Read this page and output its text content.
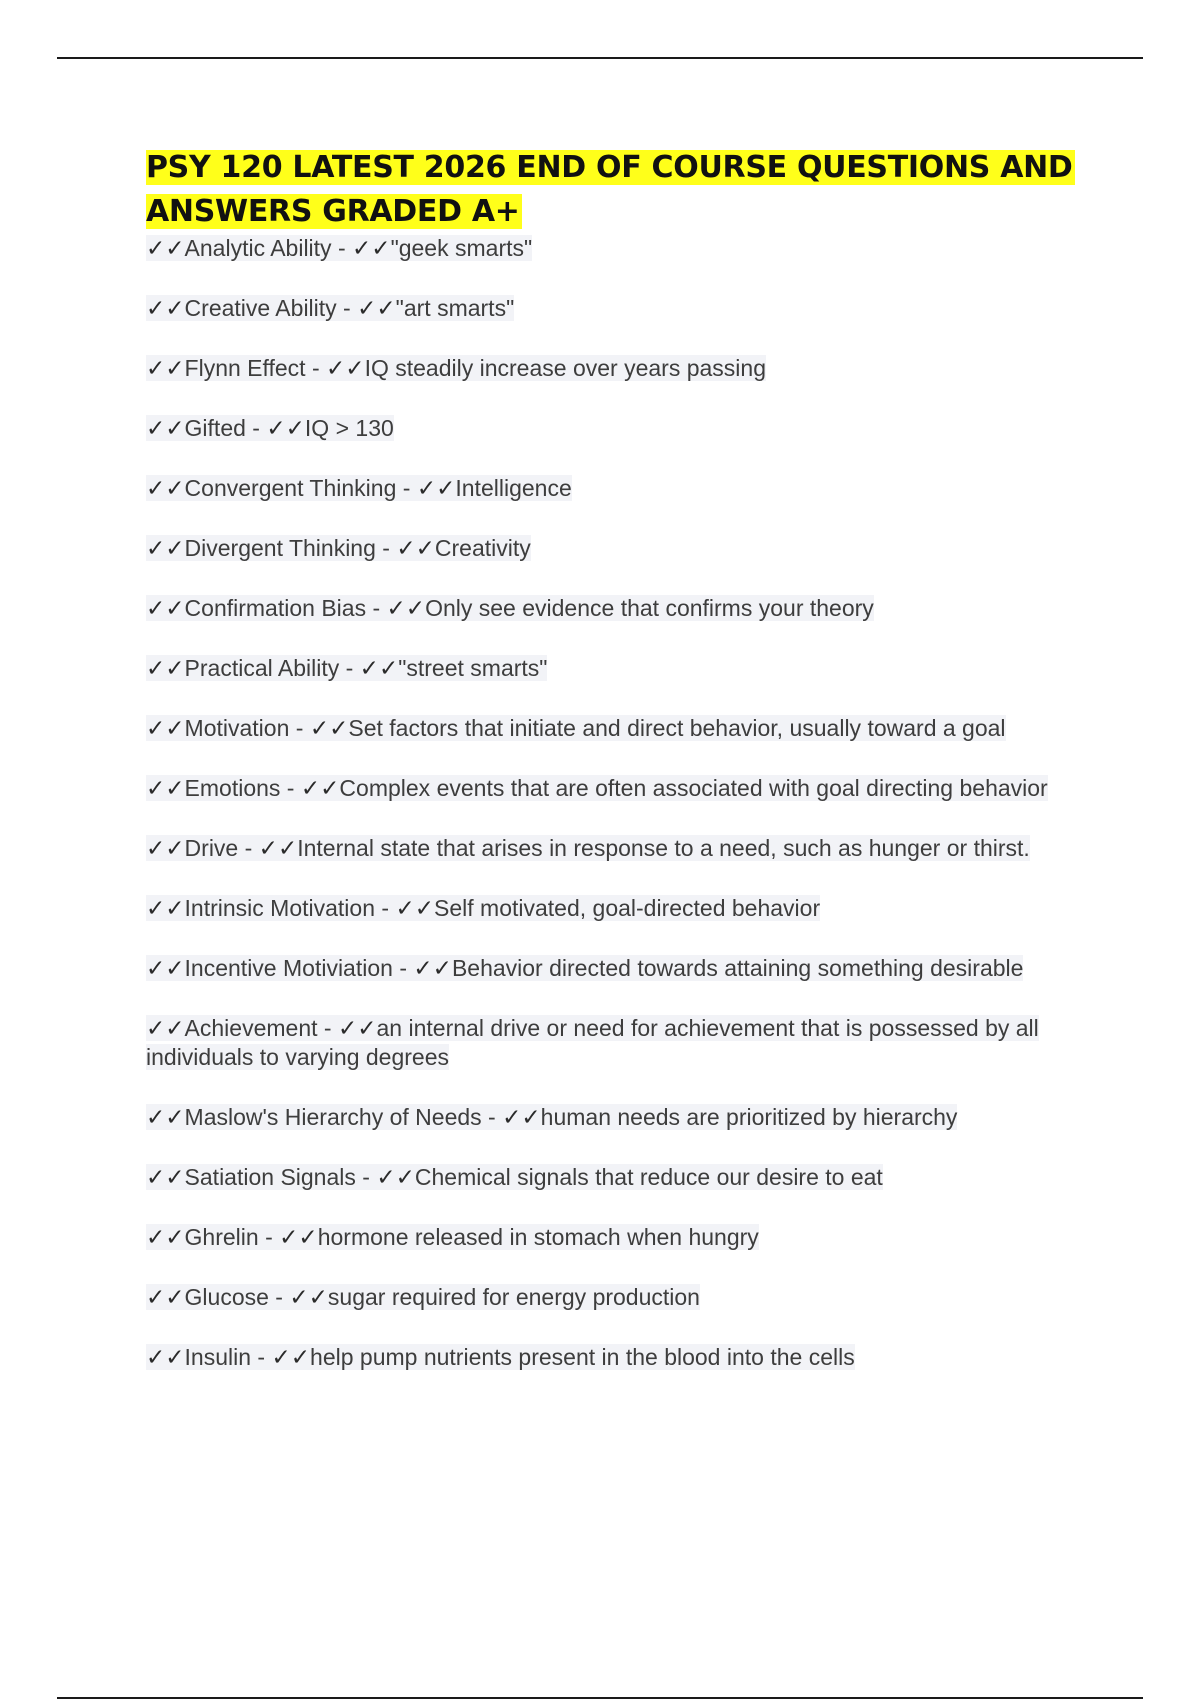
PSY 120 LATEST 2026 END OF COURSE QUESTIONS AND ANSWERS GRADED A+
✓✓Analytic Ability - ✓✓"geek smarts"
✓✓Creative Ability - ✓✓"art smarts"
✓✓Flynn Effect - ✓✓IQ steadily increase over years passing
✓✓Gifted - ✓✓IQ > 130
✓✓Convergent Thinking - ✓✓Intelligence
✓✓Divergent Thinking - ✓✓Creativity
✓✓Confirmation Bias - ✓✓Only see evidence that confirms your theory
✓✓Practical Ability - ✓✓"street smarts"
✓✓Motivation - ✓✓Set factors that initiate and direct behavior, usually toward a goal
✓✓Emotions - ✓✓Complex events that are often associated with goal directing behavior
✓✓Drive - ✓✓Internal state that arises in response to a need, such as hunger or thirst.
✓✓Intrinsic Motivation - ✓✓Self motivated, goal-directed behavior
✓✓Incentive Motiviation - ✓✓Behavior directed towards attaining something desirable
✓✓Achievement - ✓✓an internal drive or need for achievement that is possessed by all individuals to varying degrees
✓✓Maslow's Hierarchy of Needs - ✓✓human needs are prioritized by hierarchy
✓✓Satiation Signals - ✓✓Chemical signals that reduce our desire to eat
✓✓Ghrelin - ✓✓hormone released in stomach when hungry
✓✓Glucose - ✓✓sugar required for energy production
✓✓Insulin - ✓✓help pump nutrients present in the blood into the cells
